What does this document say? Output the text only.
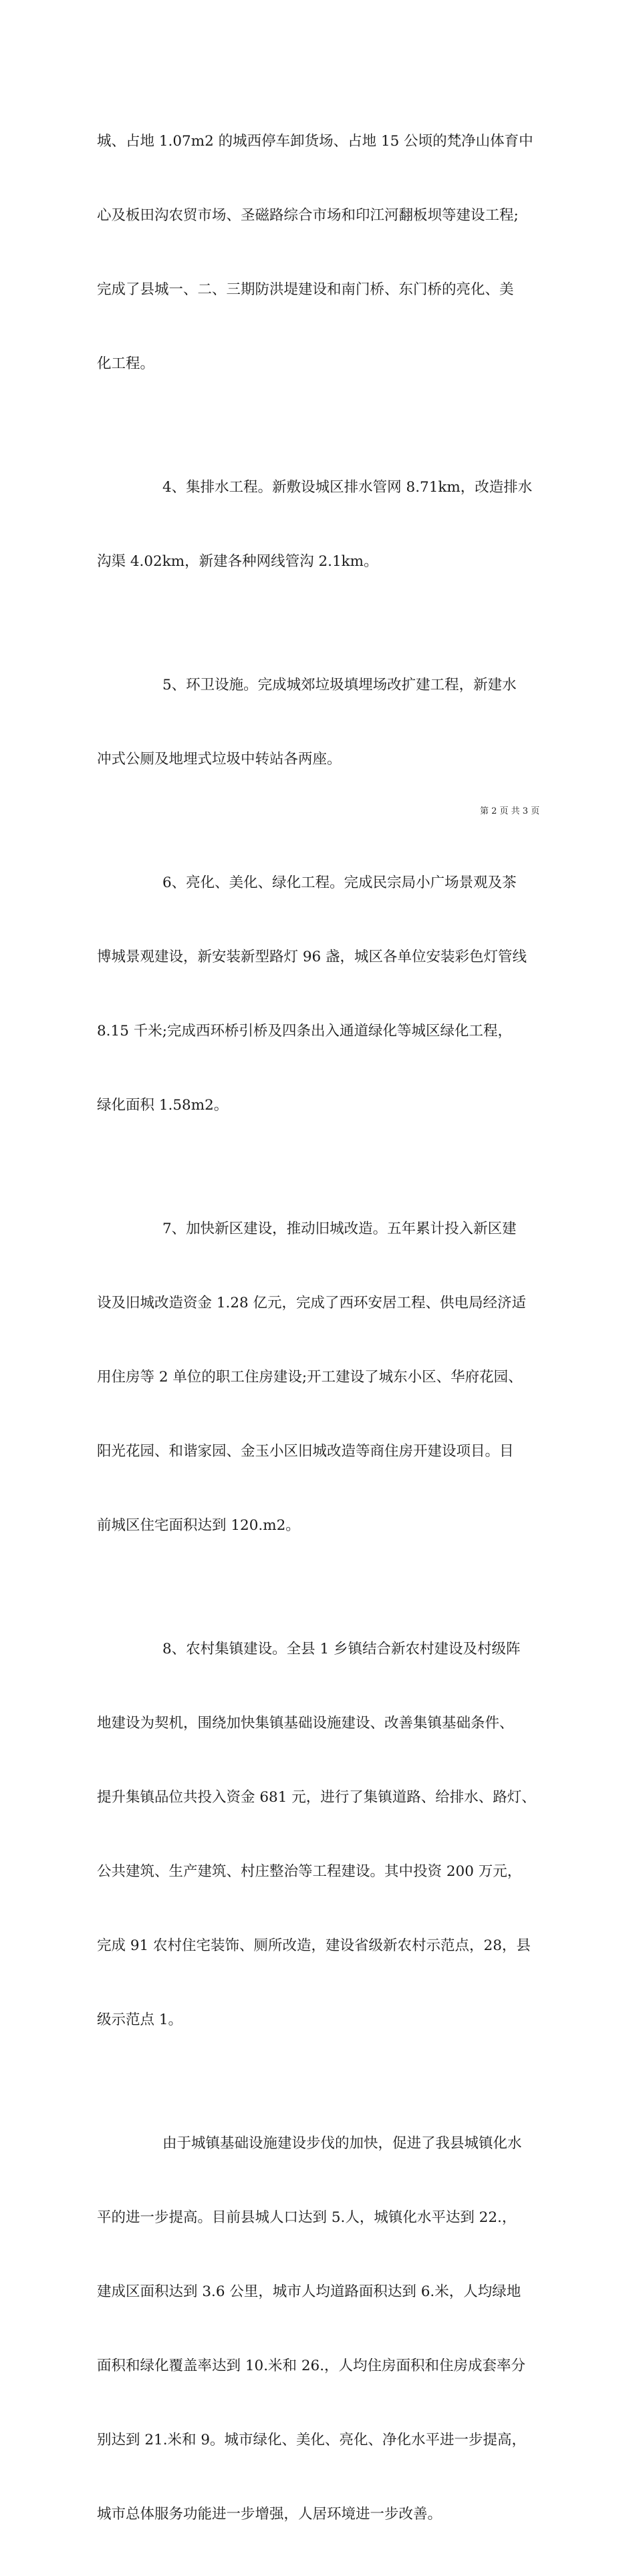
城、占地 1.07m2 的城西停车卸货场、占地 15 公顷的梵净山体育中

心及板田沟农贸市场、圣磁路综合市场和印江河翻板坝等建设工程;

完成了县城一、二、三期防洪堤建设和南门桥、东门桥的亮化、美

化工程。

4、集排水工程。新敷设城区排水管网 8.71km，改造排水

沟渠 4.02km，新建各种网线管沟 2.1km。

5、环卫设施。完成城郊垃圾填埋场改扩建工程，新建水

冲式公厕及地埋式垃圾中转站各两座。

6、亮化、美化、绿化工程。完成民宗局小广场景观及茶

博城景观建设，新安装新型路灯 96 盏，城区各单位安装彩色灯管线

8.15 千米;完成西环桥引桥及四条出入通道绿化等城区绿化工程，

绿化面积 1.58m2。

7、加快新区建设，推动旧城改造。五年累计投入新区建

设及旧城改造资金 1.28 亿元，完成了西环安居工程、供电局经济适

用住房等 2 单位的职工住房建设;开工建设了城东小区、华府花园、

阳光花园、和谐家园、金玉小区旧城改造等商住房开建设项目。目

前城区住宅面积达到 120.m2。

8、农村集镇建设。全县 1 乡镇结合新农村建设及村级阵

地建设为契机，围绕加快集镇基础设施建设、改善集镇基础条件、

提升集镇品位共投入资金 681 元，进行了集镇道路、给排水、路灯、

公共建筑、生产建筑、村庄整治等工程建设。其中投资 200 万元，

完成 91 农村住宅装饰、厕所改造，建设省级新农村示范点，28，县

级示范点 1。

由于城镇基础设施建设步伐的加快，促进了我县城镇化水

平的进一步提高。目前县城人口达到 5.人，城镇化水平达到 22.，

建成区面积达到 3.6 公里，城市人均道路面积达到 6.米，人均绿地

面积和绿化覆盖率达到 10.米和 26.，人均住房面积和住房成套率分

别达到 21.米和 9。城市绿化、美化、亮化、净化水平进一步提高，

城市总体服务功能进一步增强，人居环境进一步改善。

第 2 页 共 3 页
